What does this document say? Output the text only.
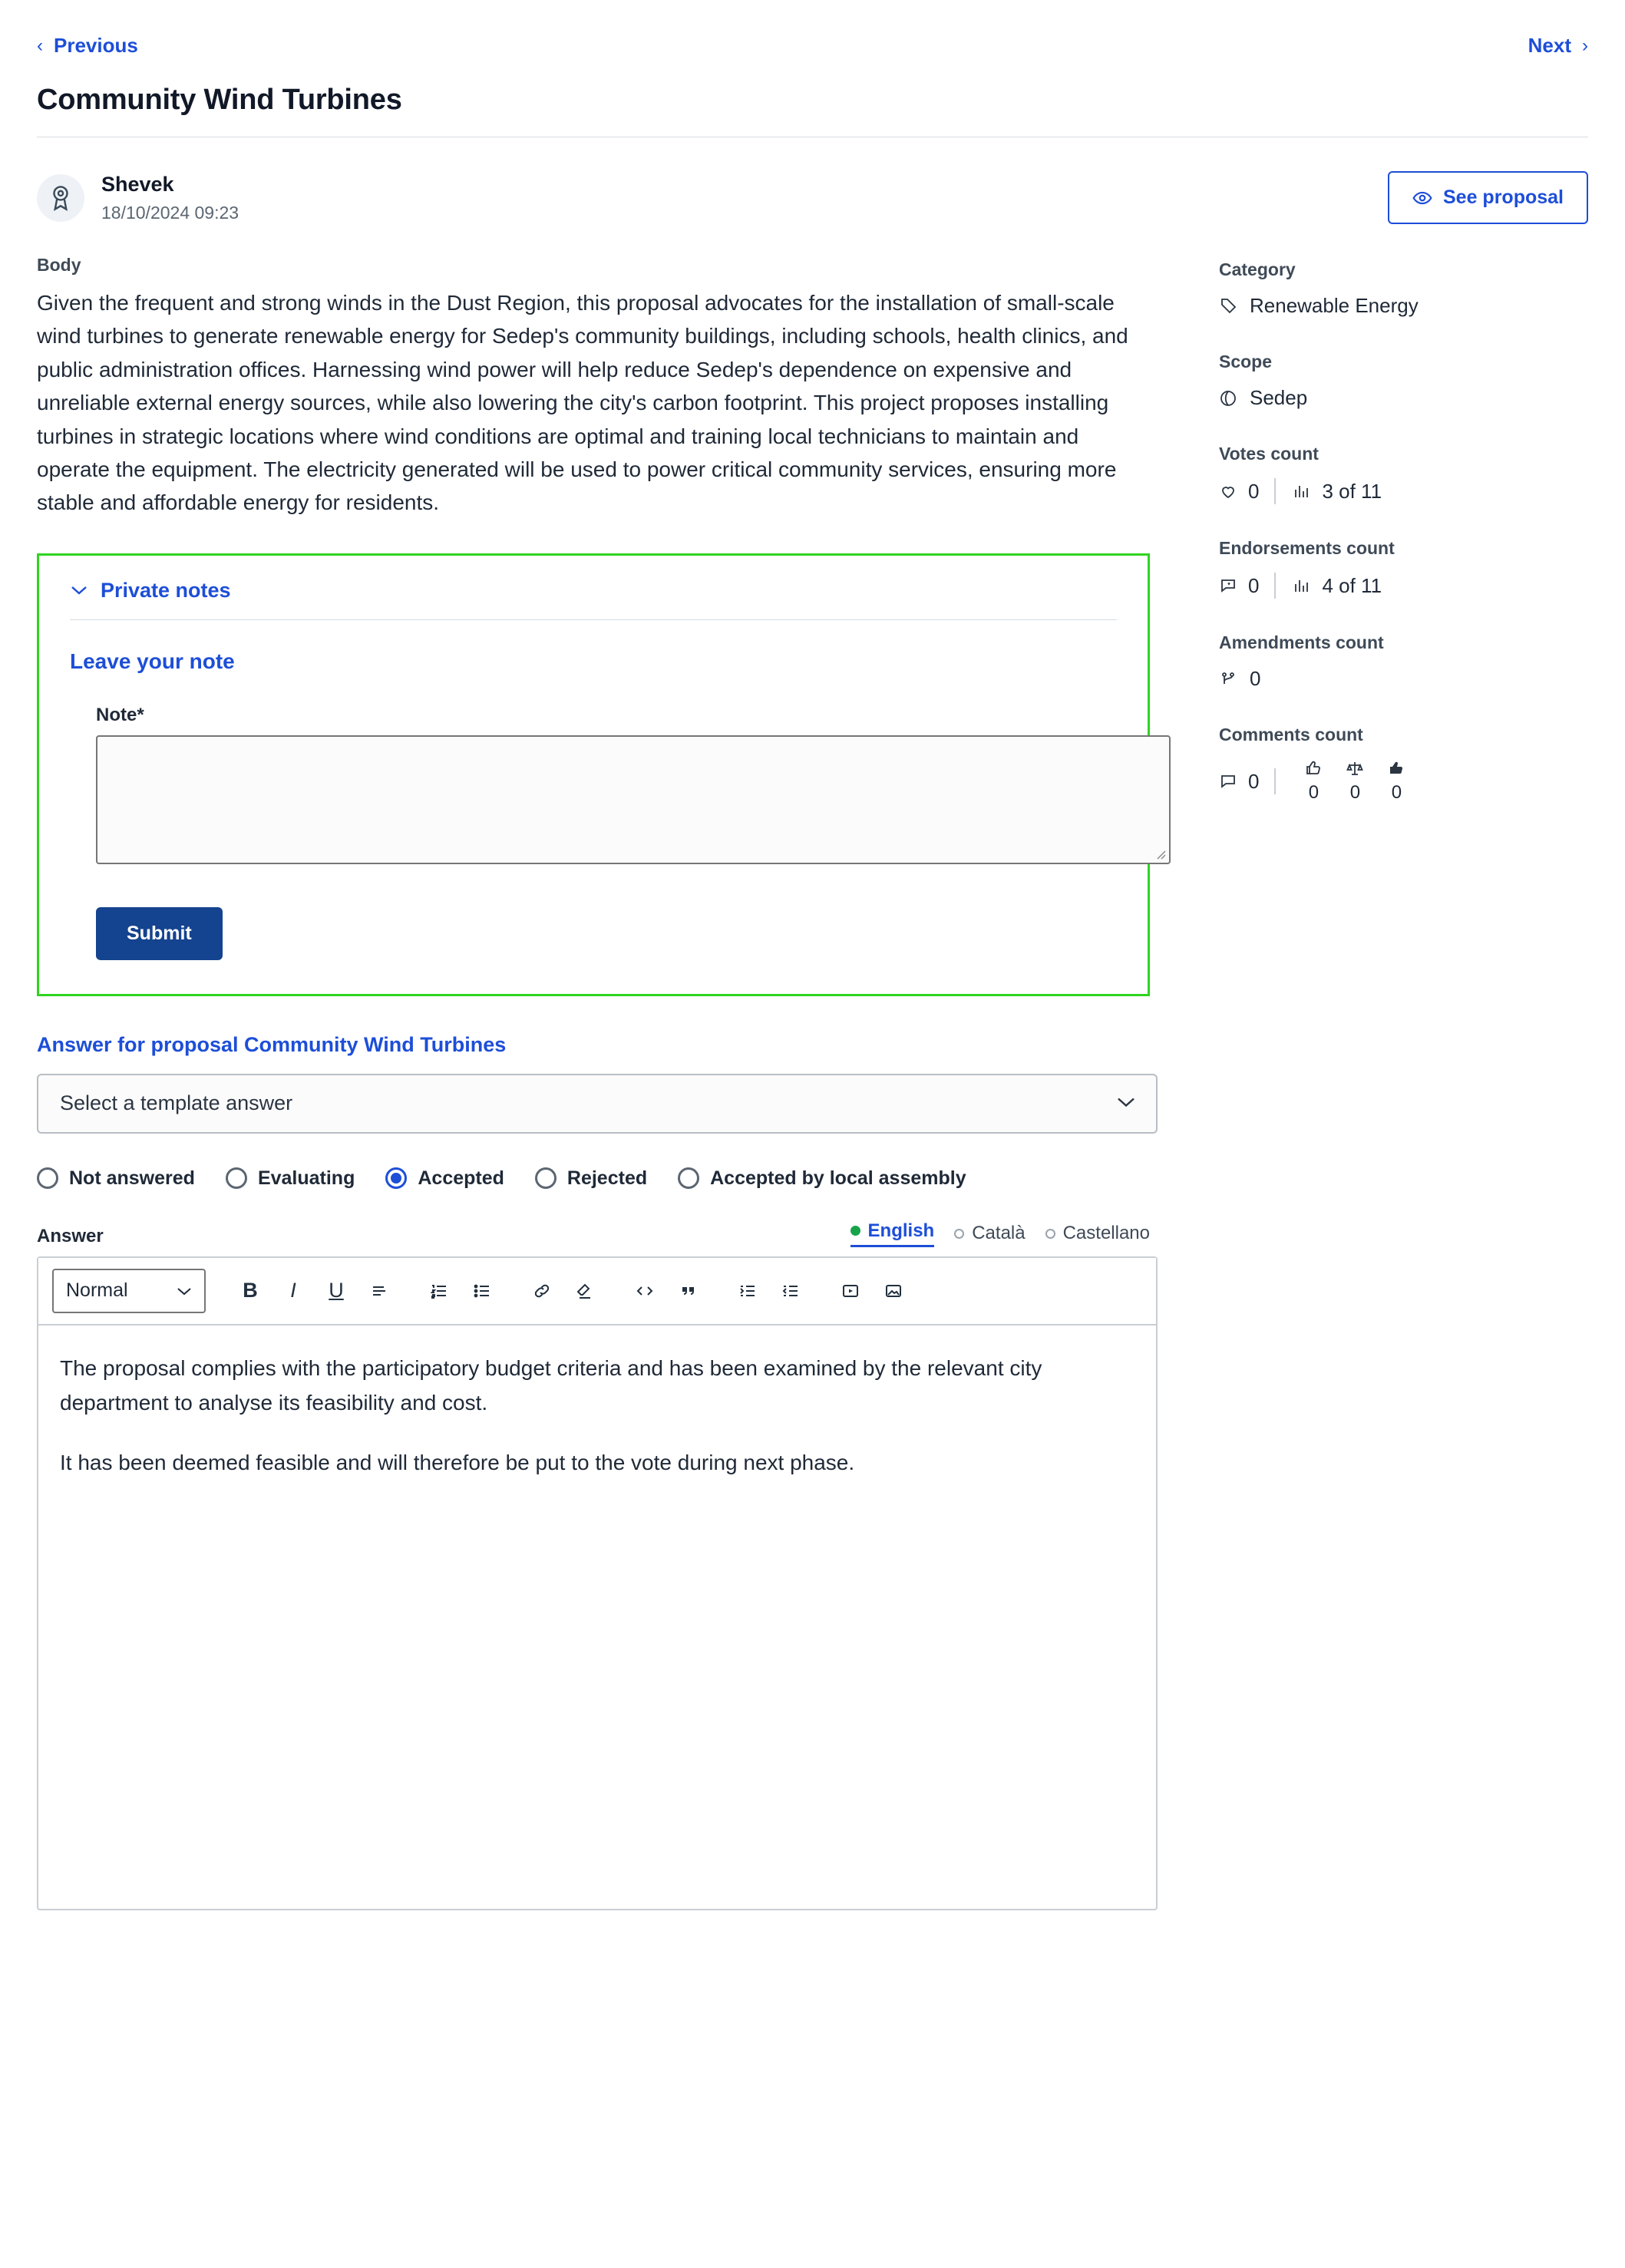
‹ Previous	Next ›
Community Wind Turbines
Shevek
18/10/2024 09:23
See proposal
Body

Given the frequent and strong winds in the Dust Region, this proposal advocates for the installation of small-scale wind turbines to generate renewable energy for Sedep's community buildings, including schools, health clinics, and public administration offices. Harnessing wind power will help reduce Sedep's dependence on expensive and unreliable external energy sources, while also lowering the city's carbon footprint. This project proposes installing turbines in strategic locations where wind conditions are optimal and training local technicians to maintain and operate the equipment. The electricity generated will be used to power critical community services, ensuring more stable and affordable energy for residents.

Private notes
Leave your note
Note*
Submit
Answer for proposal Community Wind Turbines
Select a template answer
Not answered	Evaluating	Accepted	Rejected	Accepted by local assembly
Answer	English Català Castellano
Normal	B I U

The proposal complies with the participatory budget criteria and has been examined by the relevant city department to analyse its feasibility and cost.

It has been deemed feasible and will therefore be put to the vote during next phase.

Category
Renewable Energy
Scope
Sedep
Votes count
0	3 of 11
Endorsements count
0	4 of 11
Amendments count
0
Comments count
0	0 0 0
